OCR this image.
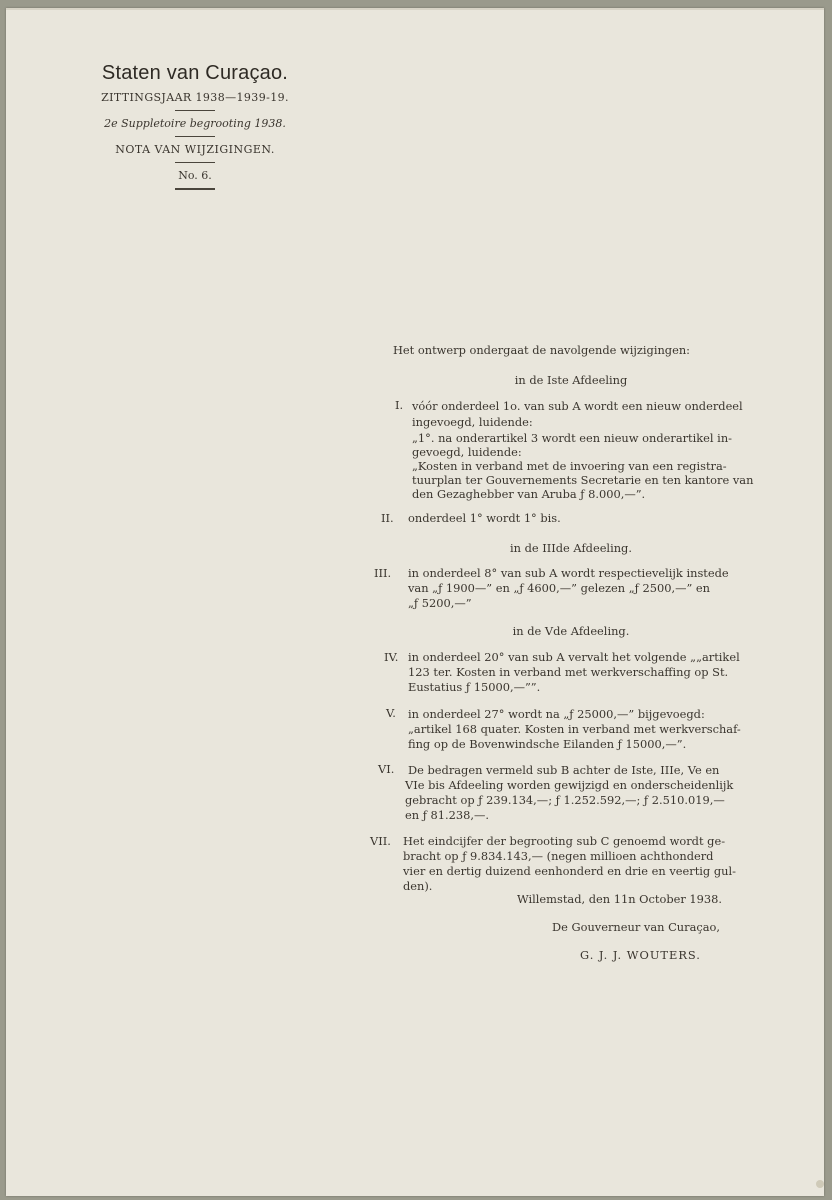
Staten van Curaçao.
ZITTINGSJAAR 1938—1939-19.
2e Suppletoire begrooting 1938.
NOTA VAN WIJZIGINGEN.
No. 6.
Het ontwerp ondergaat de navolgende wijzigingen:
in de Iste Afdeeling
I. vóór onderdeel 1o. van sub A wordt een nieuw onderdeel
ingevoegd, luidende:
„1°. na onderartikel 3 wordt een nieuw onderartikel in-
gevoegd, luidende:
„Kosten in verband met de invoering van een registra-
tuurplan ter Gouvernements Secretarie en ten kantore van
den Gezaghebber van Aruba ƒ 8.000,—”.
II. onderdeel 1° wordt 1° bis.
in de IIIde Afdeeling.
III. in onderdeel 8° van sub A wordt respectievelijk instede
van „ƒ 1900—” en „ƒ 4600,—” gelezen „ƒ 2500,—” en
„ƒ 5200,—”
in de Vde Afdeeling.
IV. in onderdeel 20° van sub A vervalt het volgende „„artikel
123 ter. Kosten in verband met werkverschaffing op St.
Eustatius ƒ 15000,—””.
V. in onderdeel 27° wordt na „ƒ 25000,—” bijgevoegd:
„artikel 168 quater. Kosten in verband met werkverschaf-
fing op de Bovenwindsche Eilanden ƒ 15000,—”.
VI. De bedragen vermeld sub B achter de Iste, IIIe, Ve en
VIe bis Afdeeling worden gewijzigd en onderscheidenlijk
gebracht op ƒ 239.134,—; ƒ 1.252.592,—; ƒ 2.510.019,—
en ƒ 81.238,—.
VII. Het eindcijfer der begrooting sub C genoemd wordt ge-
bracht op ƒ 9.834.143,— (negen millioen achthonderd
vier en dertig duizend eenhonderd en drie en veertig gul-
den).
Willemstad, den 11n October 1938.
De Gouverneur van Curaçao,
G. J. J. WOUTERS.
